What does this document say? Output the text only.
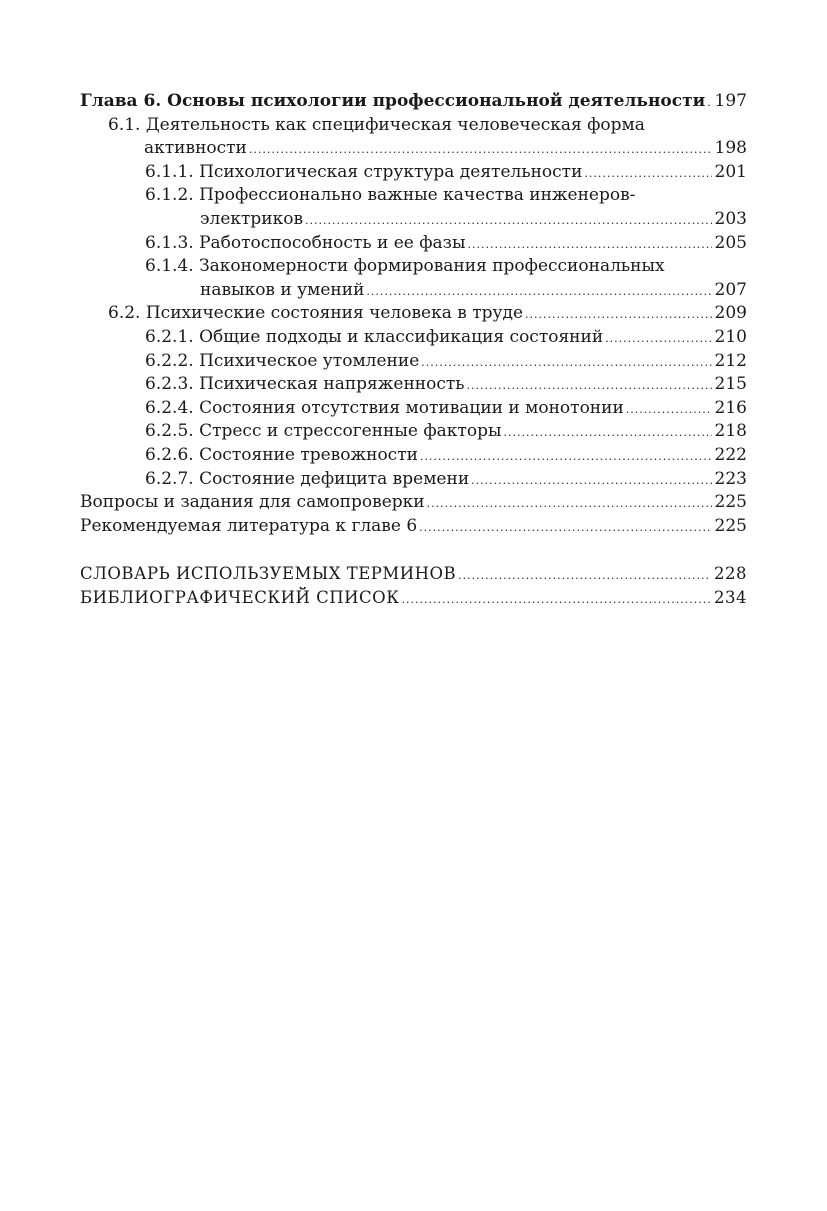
Глава 6. Основы психологии профессиональной деятельности ..... 197
6.1. Деятельность как специфическая человеческая форма
активности .....	198
6.1.1. Психологическая структура деятельности .....	201
6.1.2. Профессионально важные качества инженеров-
электриков .....	203
6.1.3. Работоспособность и ее фазы .....	205
6.1.4. Закономерности формирования профессиональных
навыков и умений .....	207
6.2. Психические состояния человека в труде .....	209
6.2.1. Общие подходы и классификация состояний .....	210
6.2.2. Психическое утомление .....	212
6.2.3. Психическая напряженность .....	215
6.2.4. Состояния отсутствия мотивации и монотонии .....	216
6.2.5. Стресс и стрессогенные факторы .....	218
6.2.6. Состояние тревожности .....	222
6.2.7. Состояние дефицита времени .....	223
Вопросы и задания для самопроверки .....	225
Рекомендуемая литература к главе 6 .....	225
СЛОВАРЬ ИСПОЛЬЗУЕМЫХ ТЕРМИНОВ .....	228
БИБЛИОГРАФИЧЕСКИЙ СПИСОК .....	234
